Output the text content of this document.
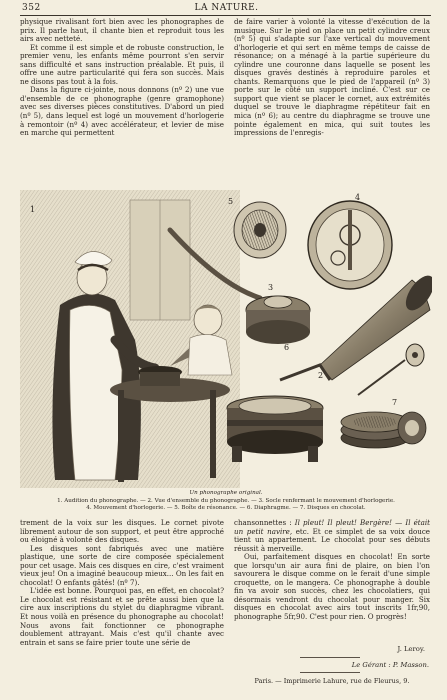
352	LA NATURE.

physique rivalisant fort bien avec les phonographes de prix. Il parle haut, il chante bien et reproduit tous les airs avec netteté.

Et comme il est simple et de robuste construction, le premier venu, les enfants même pourront s'en servir sans difficulté et sans instruction préalable. Et puis, il offre une autre particularité qui fera son succès. Mais ne disons pas tout à la fois.

Dans la figure ci-jointe, nous donnons (nº 2) une vue d'ensemble de ce phonographe (genre gramophone) avec ses diverses pièces constitutives. D'abord un pied (nº 5), dans lequel est logé un mouvement d'horlogerie à remontoir (nº 4) avec accélérateur, et levier de mise en marche qui permettent

de faire varier à volonté la vitesse d'exécution de la musique. Sur le pied on place un petit cylindre creux (nº 5) qui s'adapte sur l'axe vertical du mouvement d'horlogerie et qui sert en même temps de caisse de résonance; on a ménagé à la partie supérieure du cylindre une couronne dans laquelle se posent les disques gravés destinés à reproduire paroles et chants. Remarquons que le pied de l'appareil (nº 3) porte sur le côté un support incliné. C'est sur ce support que vient se placer le cornet, aux extrémités duquel se trouve le diaphragme répétiteur fait en mica (nº 6); au centre du diaphragme se trouve une pointe également en mica, qui suit toutes les impressions de l'enregis-

1
5	4
3
6
2
7
Un phonographe original.
1. Audition du phonographe. — 2. Vue d'ensemble du phonographe. — 3. Socle renfermant le mouvement d'horlogerie.
4. Mouvement d'horlogerie. — 5. Boîte de résonance. — 6. Diaphragme. — 7. Disques en chocolat.

trement de la voix sur les disques. Le cornet pivote librement autour de son support, et peut être approché ou éloigné à volonté des disques.

Les disques sont fabriqués avec une matière plastique, une sorte de cire composée spécialement pour cet usage. Mais ces disques en cire, c'est vraiment vieux jeu! On a imaginé beaucoup mieux... On les fait en chocolat! O enfants gâtés! (nº 7).

L'idée est bonne. Pourquoi pas, en effet, en chocolat? Le chocolat est résistant et se prête aussi bien que la cire aux inscriptions du stylet du diaphragme vibrant. Et nous voilà en présence du phonographe au chocolat! Nous avons fait fonctionner ce phonographe doublement attrayant. Mais c'est qu'il chante avec entrain et sans se faire prier toute une série de

chansonnettes : Il pleut! Il pleut! Bergère! — Il était un petit navire, etc. Et ce simplet de sa voix douce tient un appartement. Le chocolat pour ses débuts réussit à merveille.

Oui, parfaitement disques en chocolat! En sorte que lorsqu'un air aura fini de plaire, on bien l'on savourera le disque comme on le ferait d'une simple croquette, on le mangera. Ce phonographe à double fin va avoir son succès, chez les chocolatiers, qui désormais vendront du chocolat pour manger. Six disques en chocolat avec airs tout inscrits 1fr,90, phonographe 5fr,90. C'est pour rien. O progrès!

J. Leroy.
Le Gérant : P. Masson.
Paris. — Imprimerie Lahure, rue de Fleurus, 9.
